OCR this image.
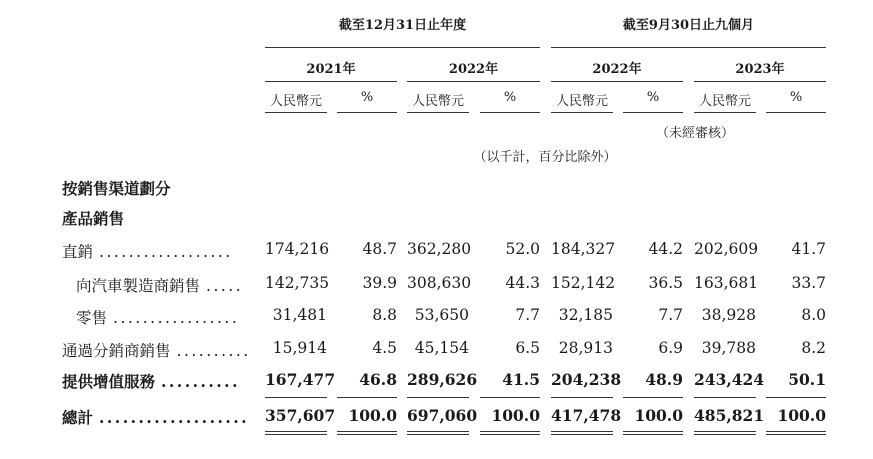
截至12月31日止年度	截至9月30日止九個月
2021年	2022年	2022年	2023年
人民幣元	%	人民幣元	%	人民幣元	%	人民幣元	%
（未經審核）
（以千計，百分比除外）
按銷售渠道劃分
產品銷售
直銷 .................. 174,216	48.7 362,280	52.0 184,327	44.2 202,609	41.7
向汽車製造商銷售 ..... 142,735	39.9 308,630	44.3 152,142	36.5 163,681	33.7
零售 .................	31,481	8.8	53,650	7.7	32,185	7.7	38,928	8.0
通過分銷商銷售 ..........	15,914	4.5	45,154	6.5	28,913	6.9	39,788	8.2
提供增值服務 .......... 167,477	46.8 289,626	41.5 204,238	48.9 243,424	50.1
總計 ................... 357,607 100.0 697,060 100.0 417,478 100.0 485,821 100.0
